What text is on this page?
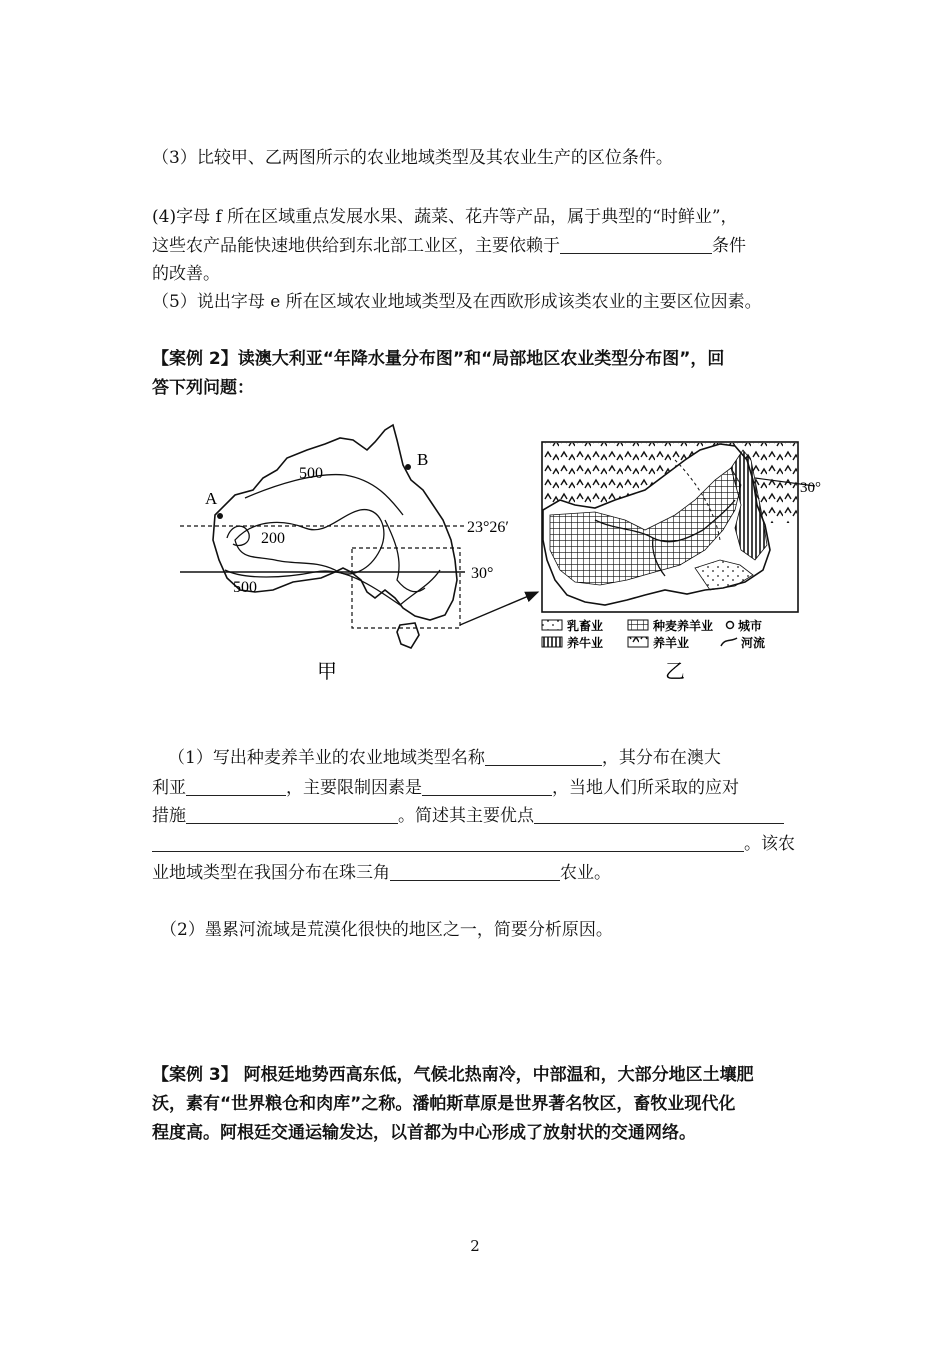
（3）比较甲、乙两图所示的农业地域类型及其农业生产的区位条件。
(4)字母 f 所在区域重点发展水果、蔬菜、花卉等产品，属于典型的“时鲜业”，
这些农产品能快速地供给到东北部工业区，主要依赖于	条件
的改善。
（5）说出字母 e 所在区域农业地域类型及在西欧形成该类农业的主要区位因素。
【案例 2】读澳大利亚“年降水量分布图”和“局部地区农业类型分布图”，回
答下列问题：
A
B
500
200
500
23°26′
30°
甲
30°
乳畜业	种麦养羊业 城市
养牛业	养羊业	河流
乙
（1）写出种麦养羊业的农业地域类型名称	，其分布在澳大
利亚	，主要限制因素是	，当地人们所采取的应对
措施	。简述其主要优点
。该农
业地域类型在我国分布在珠三角	农业。
（2）墨累河流域是荒漠化很快的地区之一，简要分析原因。
【案例 3】 阿根廷地势西高东低，气候北热南冷，中部温和，大部分地区土壤肥
沃，素有“世界粮仓和肉库”之称。潘帕斯草原是世界著名牧区，畜牧业现代化
程度高。阿根廷交通运输发达，以首都为中心形成了放射状的交通网络。
2
